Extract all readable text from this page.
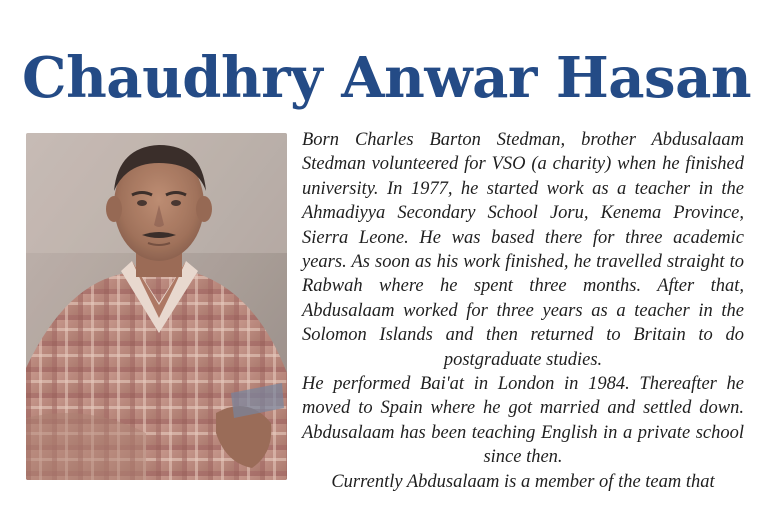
Chaudhry Anwar Hasan

Born Charles Barton Stedman, brother Abdusalaam Stedman volunteered for VSO (a charity) when he finished university. In 1977, he started work as a teacher in the Ahmadiyya Secondary School Joru, Kenema Province, Sierra Leone. He was based there for three academic years. As soon as his work finished, he travelled straight to Rabwah where he spent three months. After that, Abdusalaam worked for three years as a teacher in the Solomon Islands and then returned to Britain to do postgraduate studies.

He performed Bai'at in London in 1984. Thereafter he moved to Spain where he got married and settled down. Abdusalaam has been teaching English in a private school since then.

Currently Abdusalaam is a member of the team that
